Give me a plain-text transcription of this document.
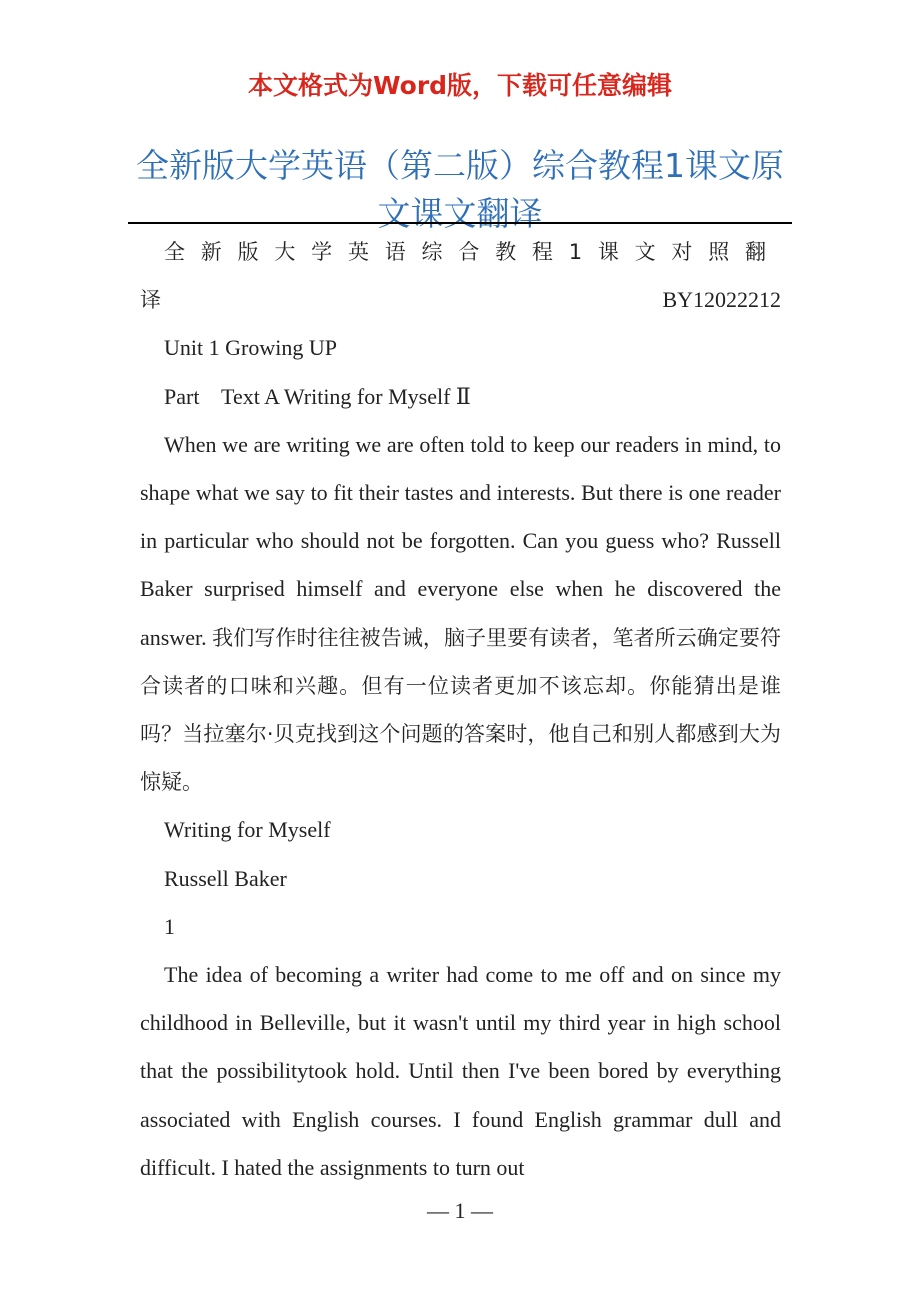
本文格式为Word版，下载可任意编辑
全新版大学英语（第二版）综合教程1课文原文课文翻译

全新版大学英语综合教程1课文对照翻译	BY12022212

Unit 1 Growing UP

Part    Text A Writing for Myself Ⅱ

When we are writing we are often told to keep our readers in mind, to shape what we say to fit their tastes and interests. But there is one reader in particular who should not be forgotten. Can you guess who? Russell Baker surprised himself and everyone else when he discovered the answer. 我们写作时往往被告诫，脑子里要有读者，笔者所云确定要符合读者的口味和兴趣。但有一位读者更加不该忘却。你能猜出是谁吗？当拉塞尔·贝克找到这个问题的答案时，他自己和别人都感到大为惊疑。

Writing for Myself

Russell Baker

1

The idea of becoming a writer had come to me off and on since my childhood in Belleville, but it wasn't until my third year in high school that the possibilitytook hold. Until then I've been bored by everything associated with English courses. I found English grammar dull and difficult. I hated the assignments to turn out

— 1 —
